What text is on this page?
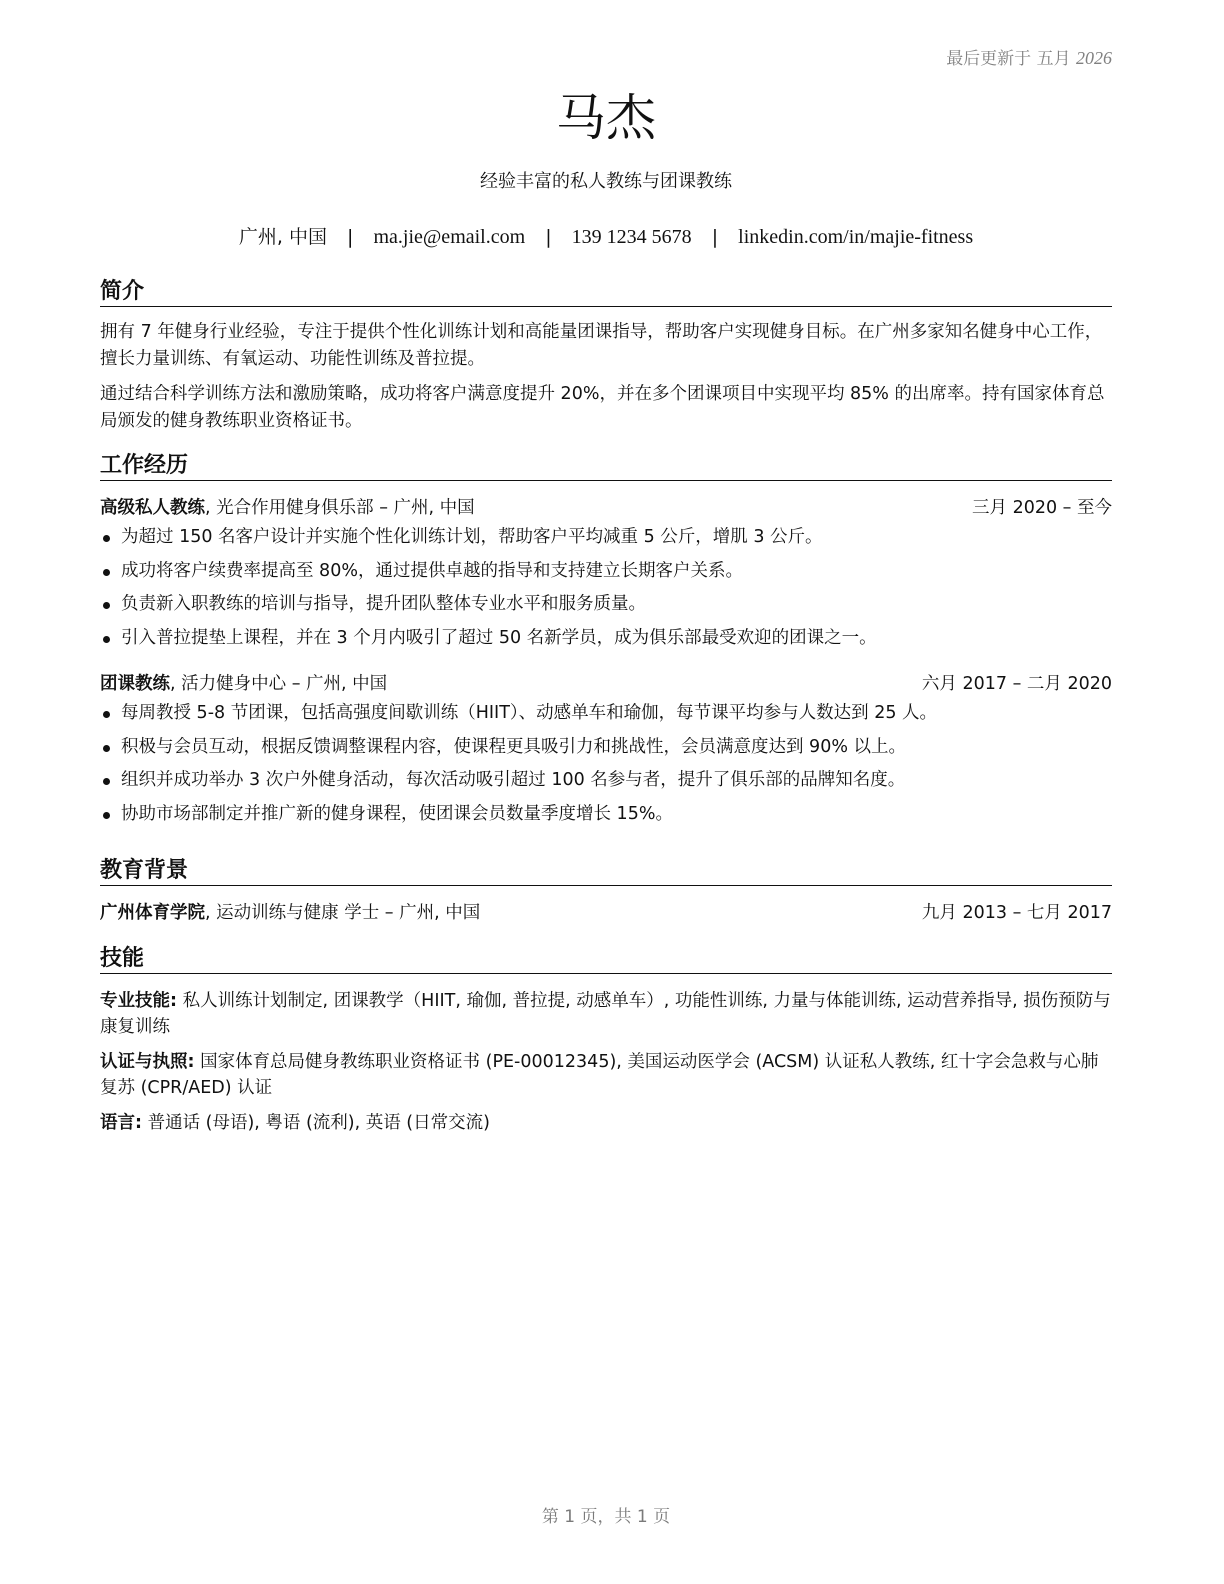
最后更新于 五月 2026
马杰
经验丰富的私人教练与团课教练
广州, 中国 | ma.jie@email.com | 139 1234 5678 | linkedin.com/in/majie-fitness
简介

拥有 7 年健身行业经验，专注于提供个性化训练计划和高能量团课指导，帮助客户实现健身目标。在广州多家知名健身中心工作，擅长力量训练、有氧运动、功能性训练及普拉提。

通过结合科学训练方法和激励策略，成功将客户满意度提升 20%，并在多个团课项目中实现平均 85% 的出席率。持有国家体育总局颁发的健身教练职业资格证书。

工作经历
高级私人教练, 光合作用健身俱乐部 – 广州, 中国	三月 2020 – 至今
为超过 150 名客户设计并实施个性化训练计划，帮助客户平均减重 5 公斤，增肌 3 公斤。
成功将客户续费率提高至 80%，通过提供卓越的指导和支持建立长期客户关系。
负责新入职教练的培训与指导，提升团队整体专业水平和服务质量。
引入普拉提垫上课程，并在 3 个月内吸引了超过 50 名新学员，成为俱乐部最受欢迎的团课之一。
团课教练, 活力健身中心 – 广州, 中国	六月 2017 – 二月 2020
每周教授 5-8 节团课，包括高强度间歇训练（HIIT）、动感单车和瑜伽，每节课平均参与人数达到 25 人。
积极与会员互动，根据反馈调整课程内容，使课程更具吸引力和挑战性，会员满意度达到 90% 以上。
组织并成功举办 3 次户外健身活动，每次活动吸引超过 100 名参与者，提升了俱乐部的品牌知名度。
协助市场部制定并推广新的健身课程，使团课会员数量季度增长 15%。
教育背景
广州体育学院, 运动训练与健康 学士 – 广州, 中国	九月 2013 – 七月 2017
技能

专业技能: 私人训练计划制定, 团课教学（HIIT, 瑜伽, 普拉提, 动感单车）, 功能性训练, 力量与体能训练, 运动营养指导, 损伤预防与康复训练

认证与执照: 国家体育总局健身教练职业资格证书 (PE-00012345), 美国运动医学会 (ACSM) 认证私人教练, 红十字会急救与心肺复苏 (CPR/AED) 认证

语言: 普通话 (母语), 粤语 (流利), 英语 (日常交流)

第 1 页，共 1 页
